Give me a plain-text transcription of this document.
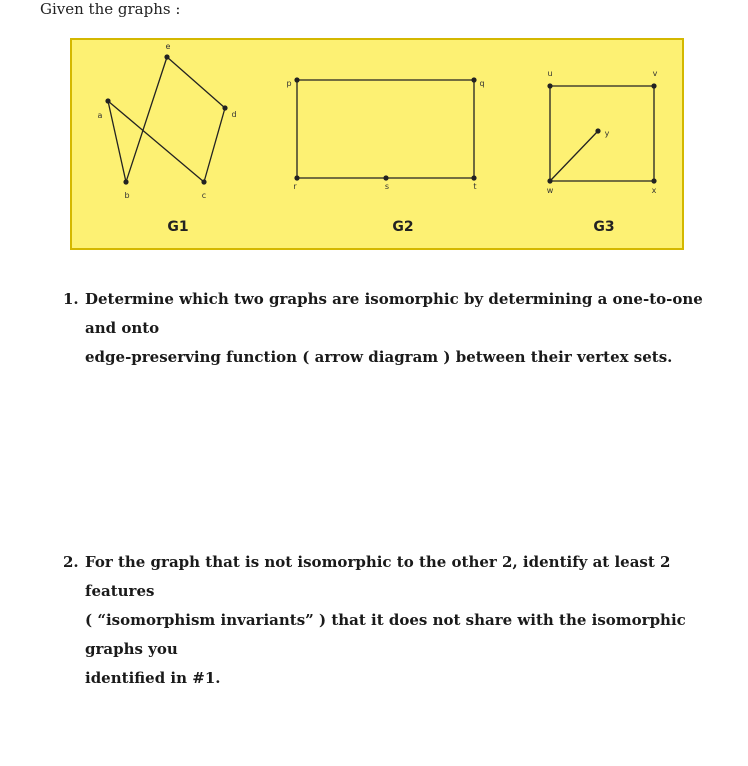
Given the graphs :
a
b	c
d
e
G1
p	q
r	s	t
G2
u	v
w	x
y
G3
1. Determine which two graphs are isomorphic by determining a one-to-one and onto
edge-preserving function ( arrow diagram ) between their vertex sets.
2. For the graph that is not isomorphic to the other 2, identify at least 2 features
( “isomorphism invariants” ) that it does not share with the isomorphic graphs you
identified in #1.
